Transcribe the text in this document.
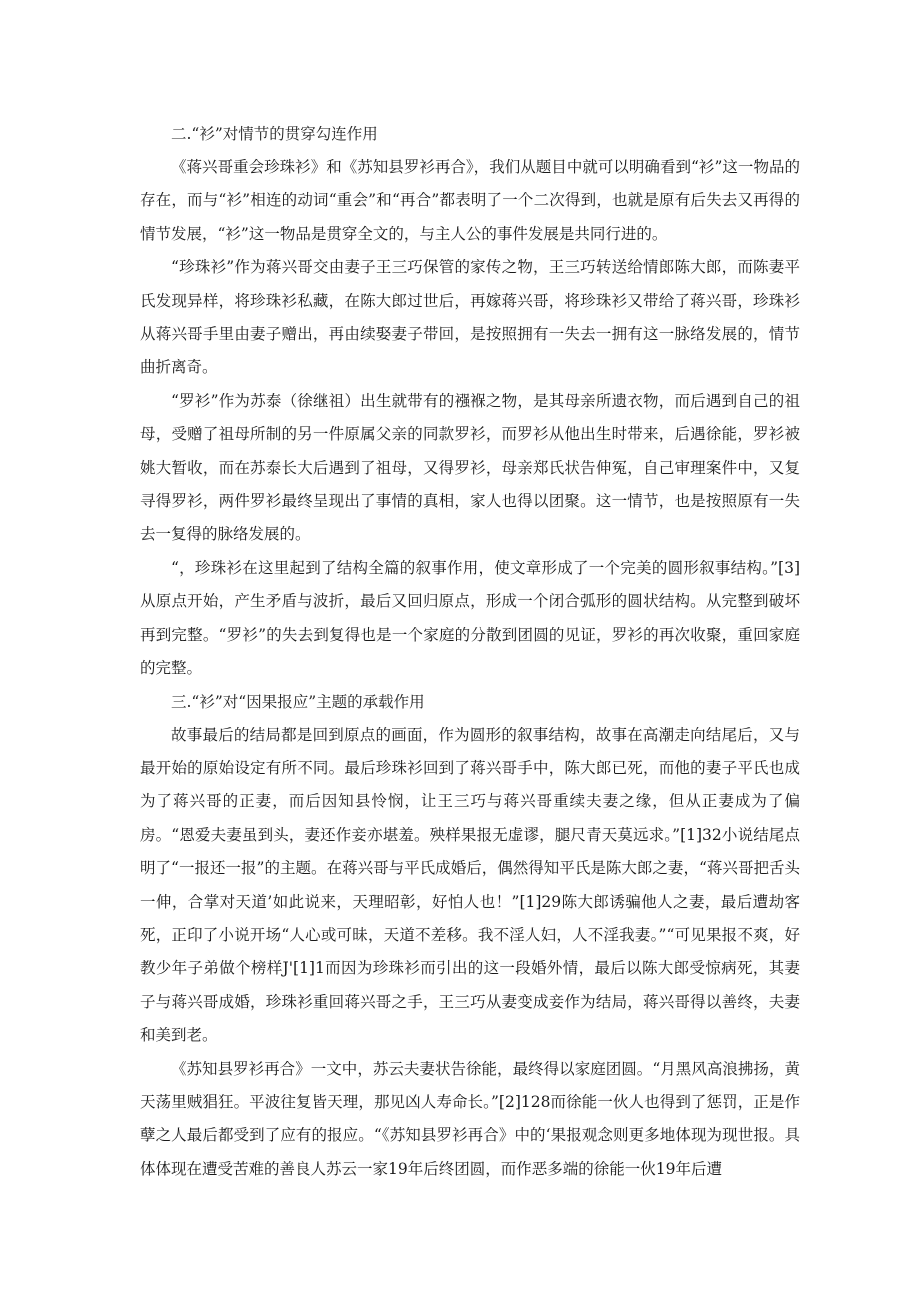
二.“衫”对情节的贯穿勾连作用

《蒋兴哥重会珍珠衫》和《苏知县罗衫再合》，我们从题目中就可以明确看到“衫”这一物品的存在，而与“衫”相连的动词“重会”和“再合”都表明了一个二次得到，也就是原有后失去又再得的情节发展，“衫”这一物品是贯穿全文的，与主人公的事件发展是共同行进的。

“珍珠衫”作为蒋兴哥交由妻子王三巧保管的家传之物，王三巧转送给情郎陈大郎，而陈妻平氏发现异样，将珍珠衫私藏，在陈大郎过世后，再嫁蒋兴哥，将珍珠衫又带给了蒋兴哥，珍珠衫从蒋兴哥手里由妻子赠出，再由续娶妻子带回，是按照拥有一失去一拥有这一脉络发展的，情节曲折离奇。

“罗衫”作为苏泰（徐继祖）出生就带有的襁褓之物，是其母亲所遗衣物，而后遇到自己的祖母，受赠了祖母所制的另一件原属父亲的同款罗衫，而罗衫从他出生时带来，后遇徐能，罗衫被姚大暂收，而在苏泰长大后遇到了祖母，又得罗衫，母亲郑氏状告伸冤，自己审理案件中，又复寻得罗衫，两件罗衫最终呈现出了事情的真相，家人也得以团聚。这一情节，也是按照原有一失去一复得的脉络发展的。

“，珍珠衫在这里起到了结构全篇的叙事作用，使文章形成了一个完美的圆形叙事结构。”[3]从原点开始，产生矛盾与波折，最后又回归原点，形成一个闭合弧形的圆状结构。从完整到破坏再到完整。“罗衫”的失去到复得也是一个家庭的分散到团圆的见证，罗衫的再次收聚，重回家庭的完整。

三.“衫”对“因果报应”主题的承载作用

故事最后的结局都是回到原点的画面，作为圆形的叙事结构，故事在高潮走向结尾后，又与最开始的原始设定有所不同。最后珍珠衫回到了蒋兴哥手中，陈大郎已死，而他的妻子平氏也成为了蒋兴哥的正妻，而后因知县怜悯，让王三巧与蒋兴哥重续夫妻之缘，但从正妻成为了偏房。“恩爱夫妻虽到头，妻还作妾亦堪羞。殃样果报无虚谬，腿尺青天莫远求。”[1]32小说结尾点明了“一报还一报”的主题。在蒋兴哥与平氏成婚后，偶然得知平氏是陈大郎之妻，“蒋兴哥把舌头一伸，合掌对天道’如此说来，天理昭彰，好怕人也！”[1]29陈大郎诱骗他人之妻，最后遭劫客死，正印了小说开场“人心或可昧，天道不差移。我不淫人妇，人不淫我妻。”“可见果报不爽，好教少年子弟做个榜样J'[1]1而因为珍珠衫而引出的这一段婚外情，最后以陈大郎受惊病死，其妻子与蒋兴哥成婚，珍珠衫重回蒋兴哥之手，王三巧从妻变成妾作为结局，蒋兴哥得以善终，夫妻和美到老。

《苏知县罗衫再合》一文中，苏云夫妻状告徐能，最终得以家庭团圆。“月黑风高浪拂扬，黄天荡里贼猖狂。平波往复皆天理，那见凶人寿命长。”[2]128而徐能一伙人也得到了惩罚，正是作孽之人最后都受到了应有的报应。“《苏知县罗衫再合》中的‘果报观念则更多地体现为现世报。具体体现在遭受苦难的善良人苏云一家19年后终团圆，而作恶多端的徐能一伙19年后遭
